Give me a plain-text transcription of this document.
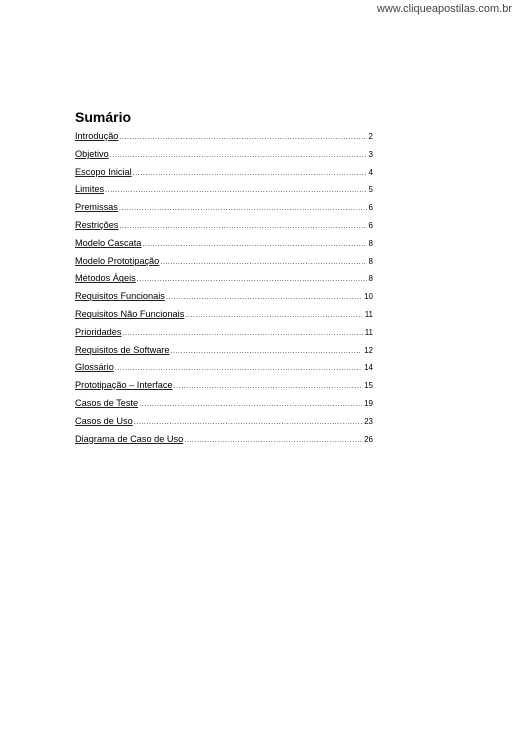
www.cliqueapostilas.com.br
Sumário
Introdução .....	2
Objetivo .....	3
Escopo Inicial .....	4
Limites .....	5
Premissas .....	6
Restrições .....	6
Modelo Cascata .....	8
Modelo Prototipação .....	8
Métodos Ágeis .....	8
Requisitos Funcionais .....	10
Requisitos Não Funcionais .....	11
Prioridades .....	11
Requisitos de Software .....	12
Glossário .....	14
Prototipação – Interface .....	15
Casos de Teste .....	19
Casos de Uso .....	23
Diagrama de Caso de Uso .....	26
